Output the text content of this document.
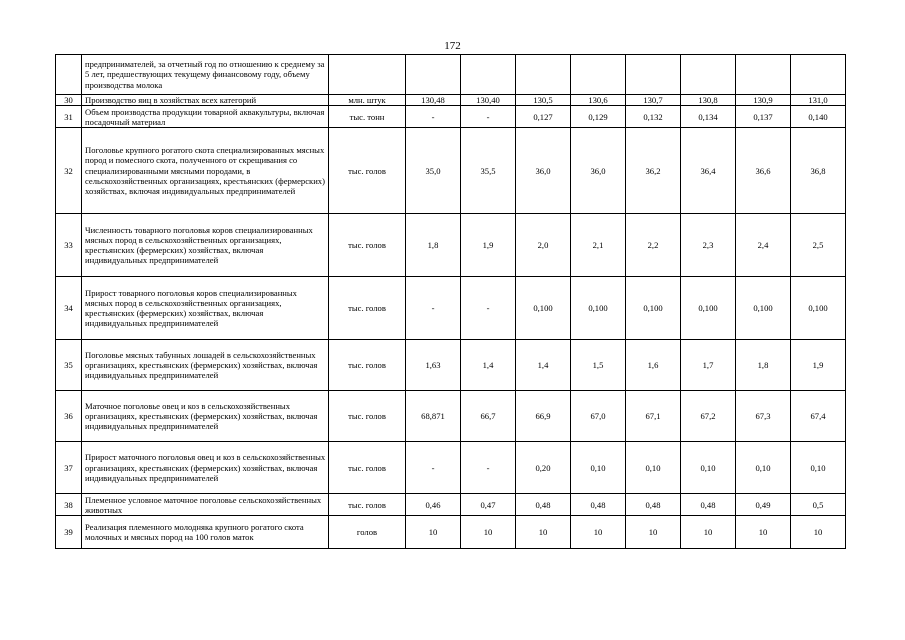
172
	предпринимателей, за отчетный год по отношению к среднему за 5 лет, предшествующих текущему финансовому году, объему производства молока									
30	Производство яиц в хозяйствах всех категорий	млн. штук	130,48	130,40	130,5	130,6	130,7	130,8	130,9	131,0
31	Объем производства продукции товарной аквакультуры, включая посадочный материал	тыс. тонн	-	-	0,127	0,129	0,132	0,134	0,137	0,140
32	Поголовье крупного рогатого скота специализированных мясных пород и помесного скота, полученного от скрещивания со специализированными мясными породами, в сельскохозяйственных организациях, крестьянских (фермерских) хозяйствах, включая индивидуальных предпринимателей	тыс. голов	35,0	35,5	36,0	36,0	36,2	36,4	36,6	36,8
33	Численность товарного поголовья коров специализированных мясных пород в сельскохозяйственных организациях, крестьянских (фермерских) хозяйствах, включая индивидуальных предпринимателей	тыс. голов	1,8	1,9	2,0	2,1	2,2	2,3	2,4	2,5
34	Прирост товарного поголовья коров специализированных мясных пород в сельскохозяйственных организациях, крестьянских (фермерских) хозяйствах, включая индивидуальных предпринимателей	тыс. голов	-	-	0,100	0,100	0,100	0,100	0,100	0,100
35	Поголовье мясных табунных лошадей в сельскохозяйственных организациях, крестьянских (фермерских) хозяйствах, включая индивидуальных предпринимателей	тыс. голов	1,63	1,4	1,4	1,5	1,6	1,7	1,8	1,9
36	Маточное поголовье овец и коз в сельскохозяйственных организациях, крестьянских (фермерских) хозяйствах, включая индивидуальных предпринимателей	тыс. голов	68,871	66,7	66,9	67,0	67,1	67,2	67,3	67,4
37	Прирост маточного поголовья овец и коз в сельскохозяйственных организациях, крестьянских (фермерских) хозяйствах, включая индивидуальных предпринимателей	тыс. голов	-	-	0,20	0,10	0,10	0,10	0,10	0,10
38	Племенное условное маточное поголовье сельскохозяйственных животных	тыс. голов	0,46	0,47	0,48	0,48	0,48	0,48	0,49	0,5
39	Реализация племенного молодняка крупного рогатого скота молочных и мясных пород на 100 голов маток	голов	10	10	10	10	10	10	10	10
